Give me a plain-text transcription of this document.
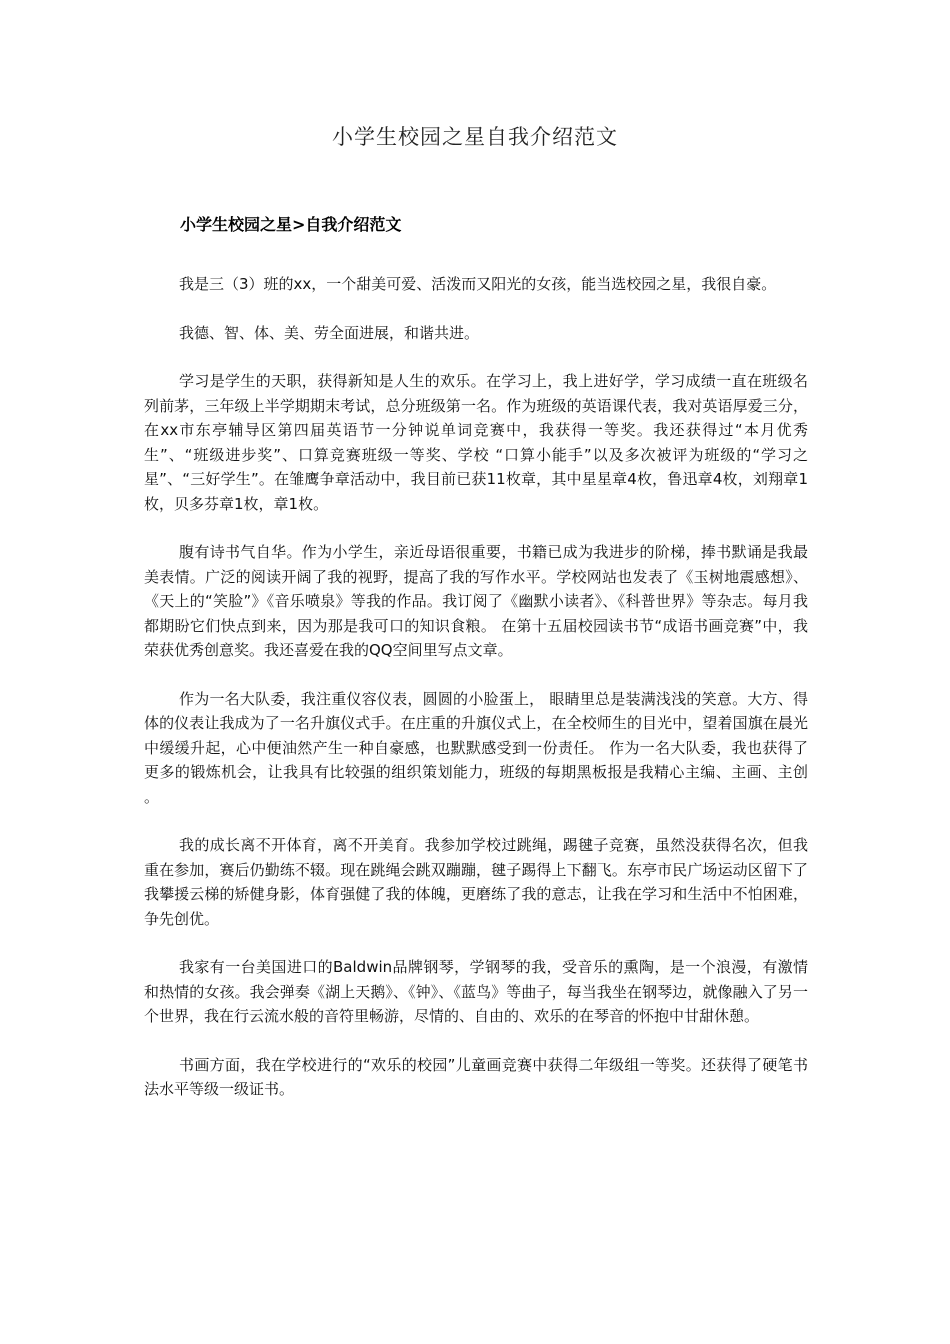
小学生校园之星自我介绍范文
小学生校园之星>自我介绍范文

我是三（3）班的xx，一个甜美可爱、活泼而又阳光的女孩，能当选校园之星，我很自豪。

我德、智、体、美、劳全面进展，和谐共进。

学习是学生的天职，获得新知是人生的欢乐。在学习上，我上进好学，学习成绩一直在班级名列前茅，三年级上半学期期末考试，总分班级第一名。作为班级的英语课代表，我对英语厚爱三分，在xx市东亭辅导区第四届英语节一分钟说单词竞赛中，我获得一等奖。我还获得过“本月优秀生”、“班级进步奖”、口算竞赛班级一等奖、学校 “口算小能手”以及多次被评为班级的“学习之星”、“三好学生”。在雏鹰争章活动中，我目前已获11枚章，其中星星章4枚，鲁迅章4枚，刘翔章1枚，贝多芬章1枚，章1枚。

腹有诗书气自华。作为小学生，亲近母语很重要，书籍已成为我进步的阶梯，捧书默诵是我最美表情。广泛的阅读开阔了我的视野，提高了我的写作水平。学校网站也发表了《玉树地震感想》、《天上的“笑脸”》《音乐喷泉》等我的作品。我订阅了《幽默小读者》、《科普世界》等杂志。每月我都期盼它们快点到来，因为那是我可口的知识食粮。 在第十五届校园读书节“成语书画竞赛”中，我荣获优秀创意奖。我还喜爱在我的QQ空间里写点文章。

作为一名大队委，我注重仪容仪表，圆圆的小脸蛋上， 眼睛里总是装满浅浅的笑意。大方、得体的仪表让我成为了一名升旗仪式手。在庄重的升旗仪式上，在全校师生的目光中，望着国旗在晨光中缓缓升起，心中便油然产生一种自豪感，也默默感受到一份责任。 作为一名大队委，我也获得了更多的锻炼机会，让我具有比较强的组织策划能力，班级的每期黑板报是我精心主编、主画、主创 。

我的成长离不开体育，离不开美育。我参加学校过跳绳，踢毽子竞赛，虽然没获得名次，但我重在参加，赛后仍勤练不辍。现在跳绳会跳双蹦蹦，毽子踢得上下翻飞。东亭市民广场运动区留下了我攀援云梯的矫健身影，体育强健了我的体魄，更磨练了我的意志，让我在学习和生活中不怕困难，争先创优。

我家有一台美国进口的Baldwin品牌钢琴，学钢琴的我，受音乐的熏陶，是一个浪漫，有激情和热情的女孩。我会弹奏《湖上天鹅》、《钟》、《蓝鸟》等曲子，每当我坐在钢琴边，就像融入了另一个世界，我在行云流水般的音符里畅游，尽情的、自由的、欢乐的在琴音的怀抱中甘甜休憩。

书画方面，我在学校进行的“欢乐的校园”儿童画竞赛中获得二年级组一等奖。还获得了硬笔书法水平等级一级证书。
